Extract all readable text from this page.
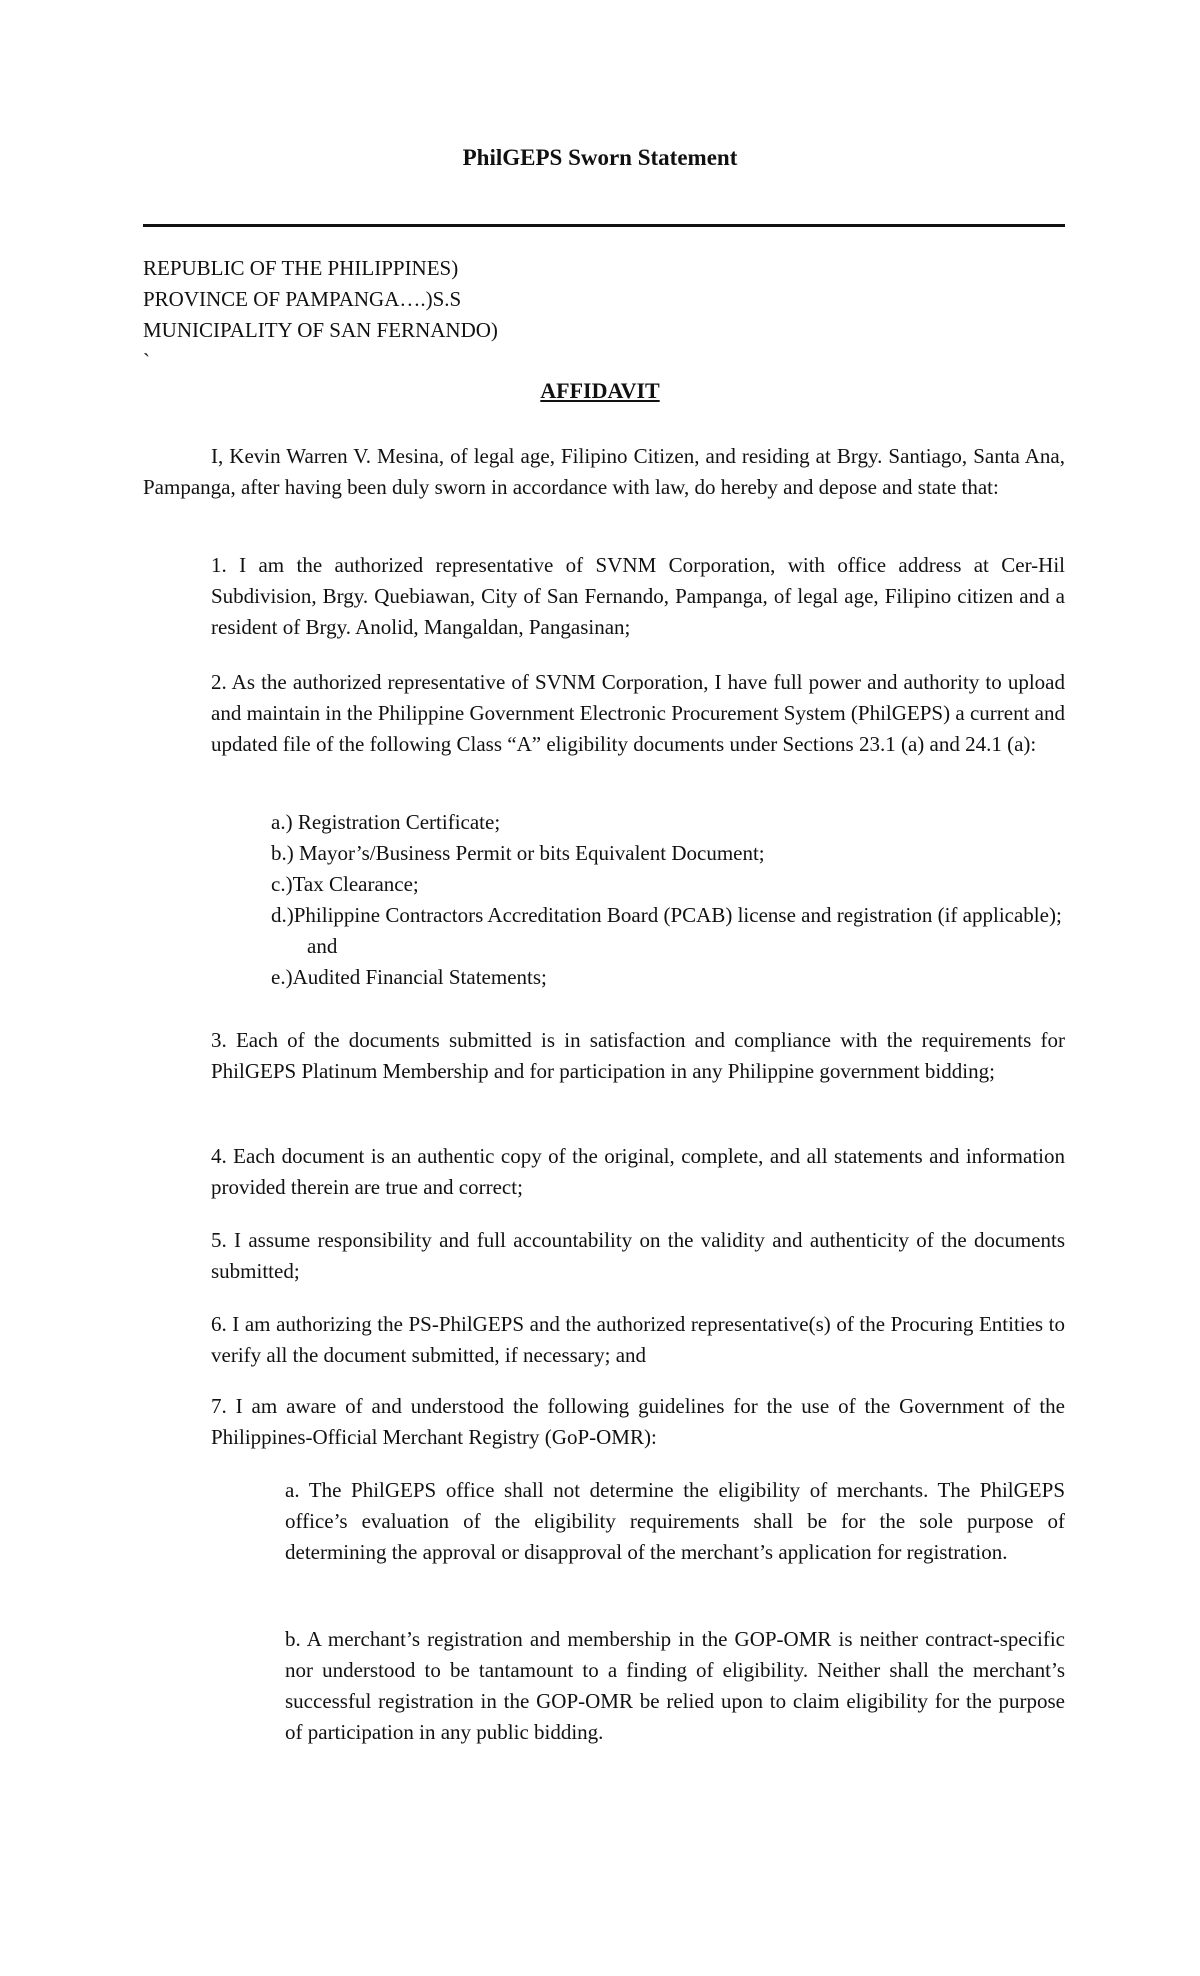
PhilGEPS Sworn Statement
REPUBLIC OF THE PHILIPPINES)
PROVINCE OF PAMPANGA….)S.S
MUNICIPALITY OF SAN FERNANDO)
`
AFFIDAVIT

I, Kevin Warren V. Mesina, of legal age, Filipino Citizen, and residing at Brgy. Santiago, Santa Ana, Pampanga, after having been duly sworn in accordance with law, do hereby and depose and state that:

1. I am the authorized representative of SVNM Corporation, with office address at Cer-Hil Subdivision, Brgy. Quebiawan, City of San Fernando, Pampanga, of legal age, Filipino citizen and a resident of Brgy. Anolid, Mangaldan, Pangasinan;

2. As the authorized representative of SVNM Corporation, I have full power and authority to upload and maintain in the Philippine Government Electronic Procurement System (PhilGEPS) a current and updated file of the following Class “A” eligibility documents under Sections 23.1 (a) and 24.1 (a):

a.) Registration Certificate;
b.) Mayor’s/Business Permit or bits Equivalent Document;
c.)Tax Clearance;
d.)Philippine Contractors Accreditation Board (PCAB) license and registration (if applicable); and
e.)Audited Financial Statements;

3. Each of the documents submitted is in satisfaction and compliance with the requirements for PhilGEPS Platinum Membership and for participation in any Philippine government bidding;

4. Each document is an authentic copy of the original, complete, and all statements and information provided therein are true and correct;

5. I assume responsibility and full accountability on the validity and authenticity of the documents submitted;

6. I am authorizing the PS-PhilGEPS and the authorized representative(s) of the Procuring Entities to verify all the document submitted, if necessary; and

7. I am aware of and understood the following guidelines for the use of the Government of the Philippines-Official Merchant Registry (GoP-OMR):

a. The PhilGEPS office shall not determine the eligibility of merchants. The PhilGEPS office’s evaluation of the eligibility requirements shall be for the sole purpose of determining the approval or disapproval of the merchant’s application for registration.

b. A merchant’s registration and membership in the GOP-OMR is neither contract-specific nor understood to be tantamount to a finding of eligibility. Neither shall the merchant’s successful registration in the GOP-OMR be relied upon to claim eligibility for the purpose of participation in any public bidding.
